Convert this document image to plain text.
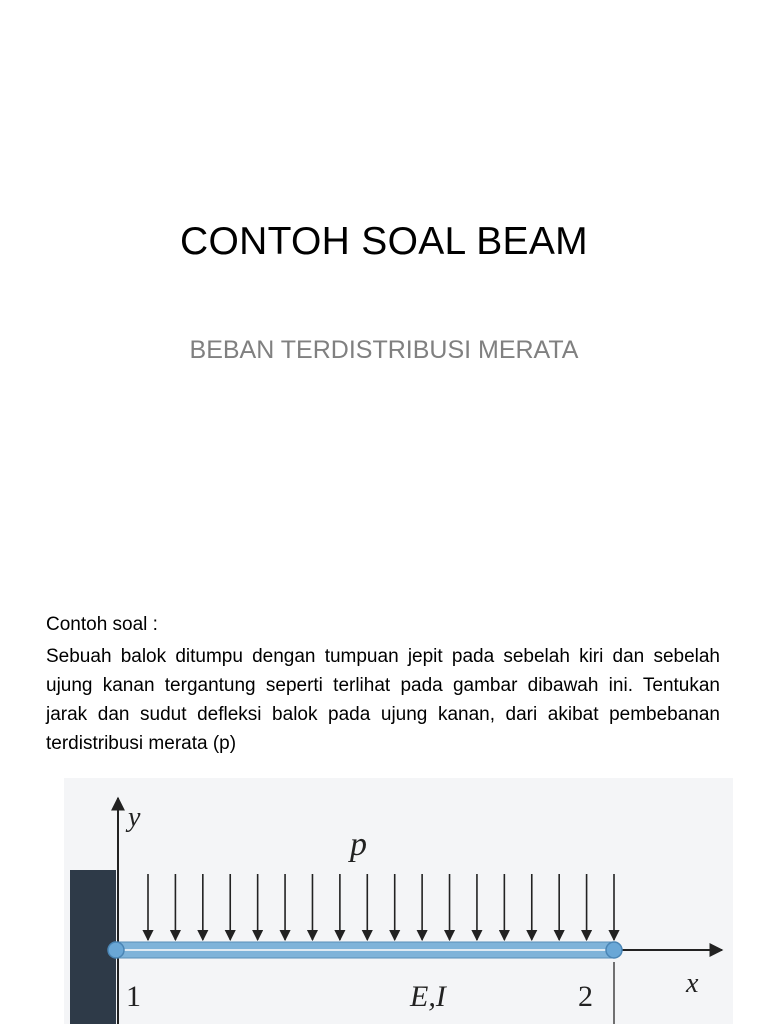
CONTOH SOAL BEAM
BEBAN TERDISTRIBUSI MERATA
Contoh soal :
Sebuah balok ditumpu dengan tumpuan jepit pada sebelah kiri dan sebelah ujung kanan tergantung seperti terlihat pada gambar dibawah ini. Tentukan jarak dan sudut defleksi balok pada ujung kanan, dari akibat pembebanan terdistribusi merata (p)
y
p
x
1	E,I	2
